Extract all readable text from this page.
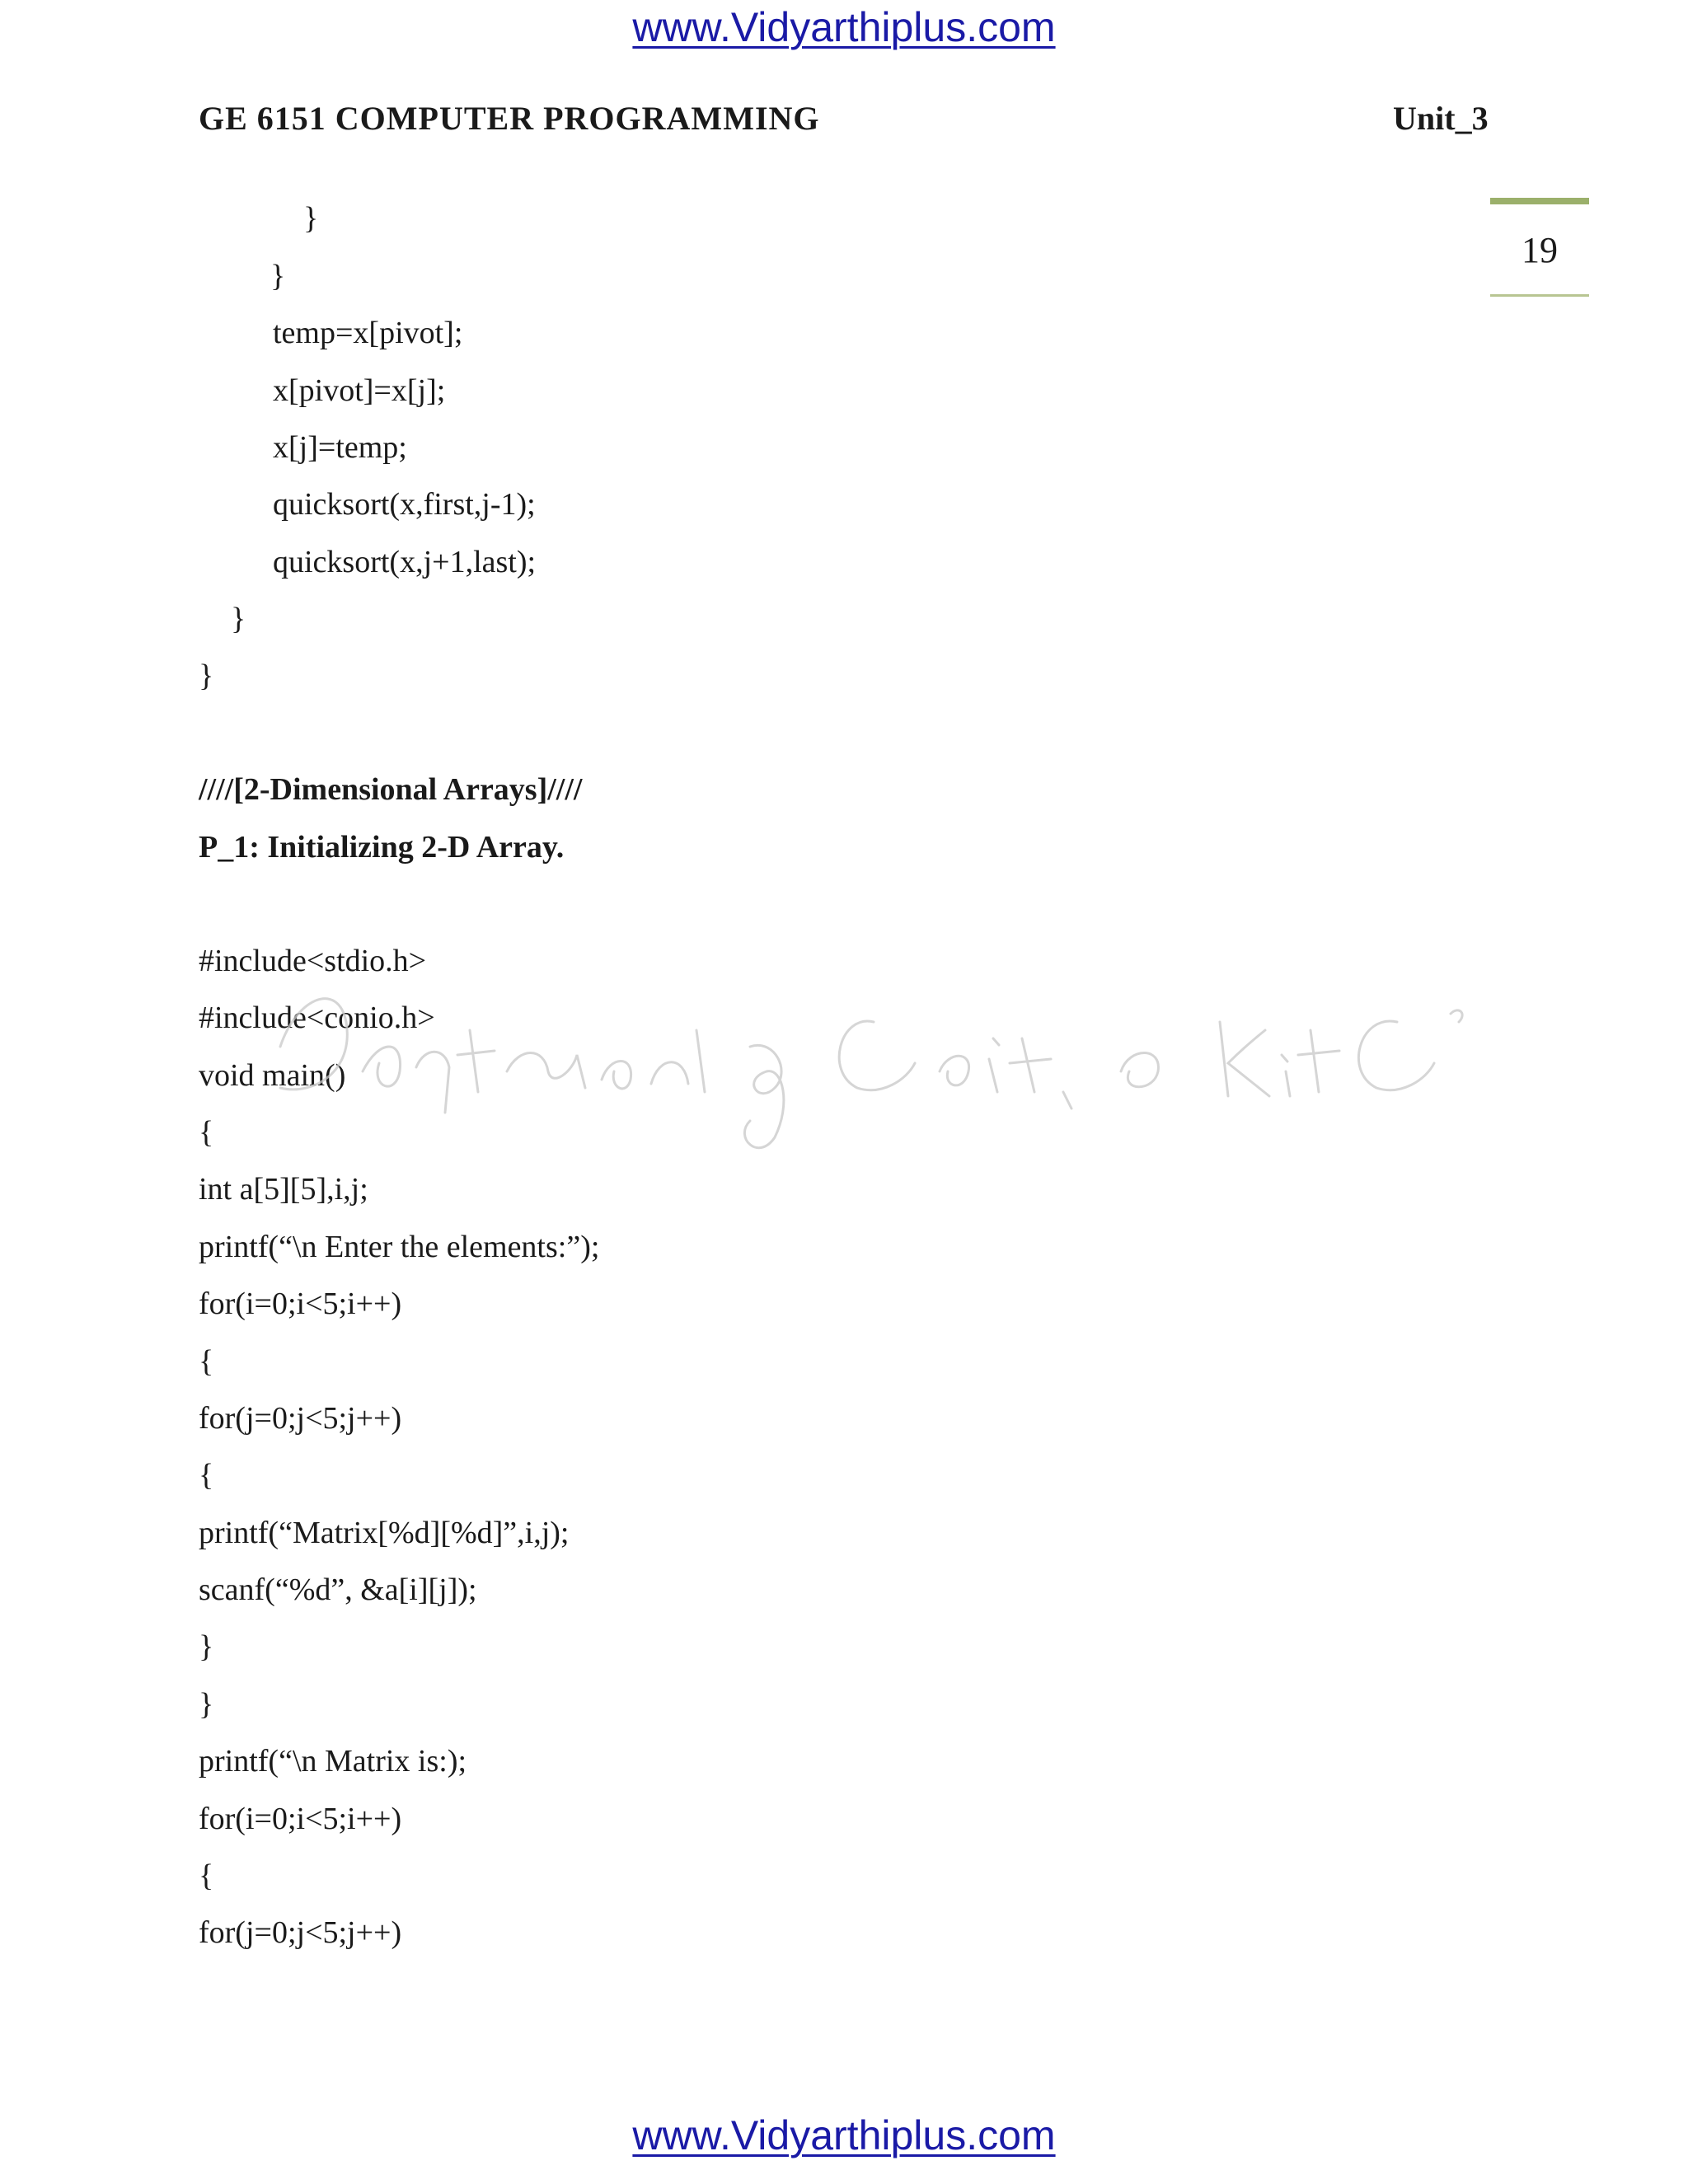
www.Vidyarthiplus.com
GE 6151 COMPUTER PROGRAMMING	Unit_3
19
}
}
temp=x[pivot];
x[pivot]=x[j];
x[j]=temp;
quicksort(x,first,j-1);
quicksort(x,j+1,last);
}
}
////[2-Dimensional Arrays]////
P_1: Initializing 2-D Array.
#include<stdio.h>
#include<conio.h>
void main()
{
int a[5][5],i,j;
printf(“\n Enter the elements:”);
for(i=0;i<5;i++)
{
for(j=0;j<5;j++)
{
printf(“Matrix[%d][%d]”,i,j);
scanf(“%d”, &a[i][j]);
}
}
printf(“\n Matrix is:);
for(i=0;i<5;i++)
{
for(j=0;j<5;j++)
www.Vidyarthiplus.com
